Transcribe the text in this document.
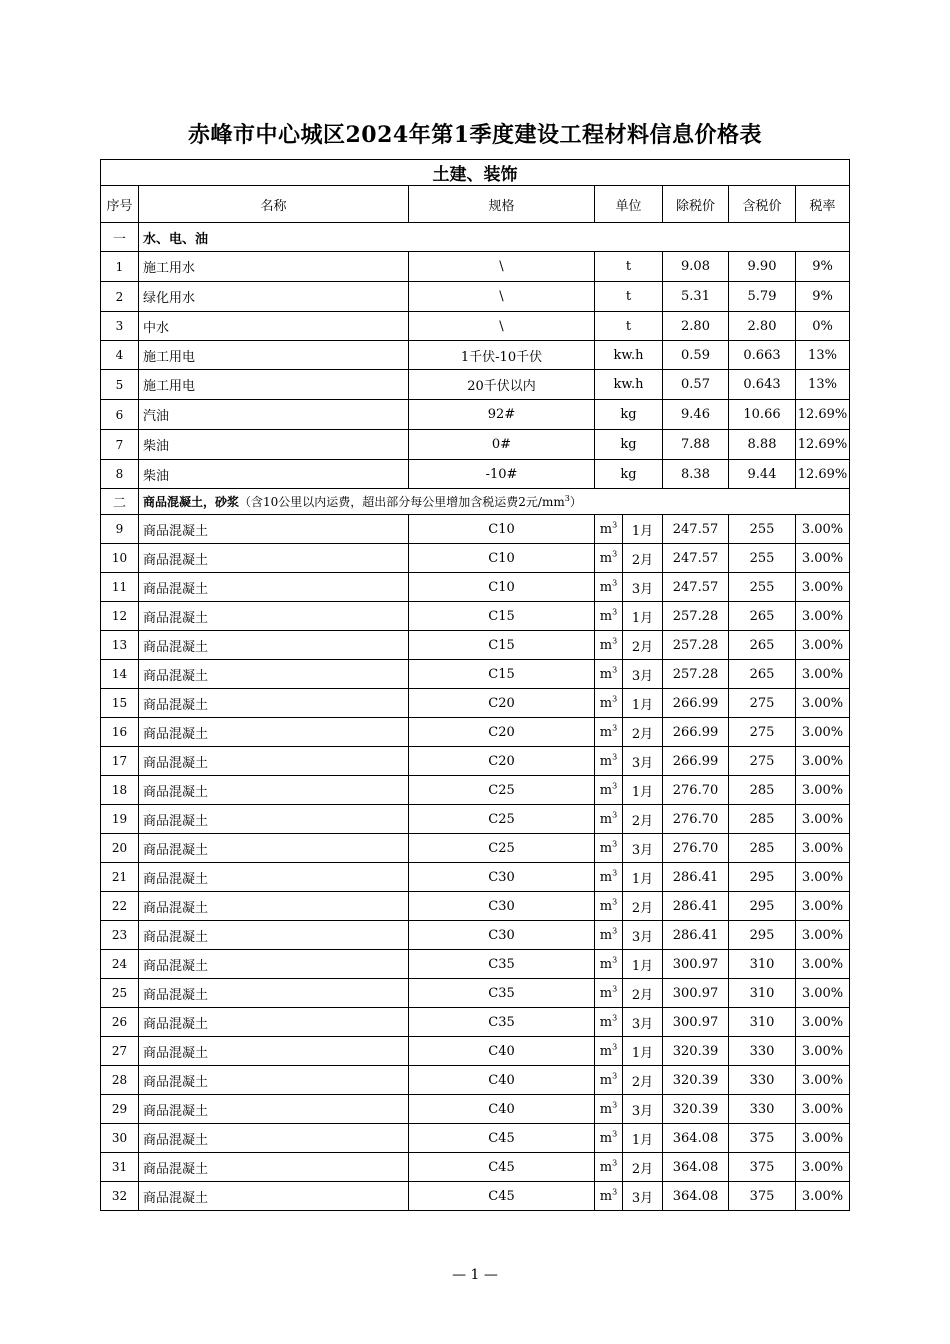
赤峰市中心城区2024年第1季度建设工程材料信息价格表
土建、装饰							
序号	名称	规格	单位		除税价	含税价	税率
一	水、电、油						
1	施工用水	\	t		9.08	9.90	9%
2	绿化用水	\	t		5.31	5.79	9%
3	中水	\	t		2.80	2.80	0%
4	施工用电	1千伏-10千伏	kw.h		0.59	0.663	13%
5	施工用电	20千伏以内	kw.h		0.57	0.643	13%
6	汽油	92#	kg		9.46	10.66	12.69%
7	柴油	0#	kg		7.88	8.88	12.69%
8	柴油	-10#	kg		8.38	9.44	12.69%
二	商品混凝土，砂浆（含10公里以内运费，超出部分每公里增加含税运费2元$/mm^3$）						
9	商品混凝土	C10	$m^3$	1月	247.57	255	3.00%
10	商品混凝土	C10	$m^3$	2月	247.57	255	3.00%
11	商品混凝土	C10	$m^3$	3月	247.57	255	3.00%
12	商品混凝土	C15	$m^3$	1月	257.28	265	3.00%
13	商品混凝土	C15	$m^3$	2月	257.28	265	3.00%
14	商品混凝土	C15	$m^3$	3月	257.28	265	3.00%
15	商品混凝土	C20	$m^3$	1月	266.99	275	3.00%
16	商品混凝土	C20	$m^3$	2月	266.99	275	3.00%
17	商品混凝土	C20	$m^3$	3月	266.99	275	3.00%
18	商品混凝土	C25	$m^3$	1月	276.70	285	3.00%
19	商品混凝土	C25	$m^3$	2月	276.70	285	3.00%
20	商品混凝土	C25	$m^3$	3月	276.70	285	3.00%
21	商品混凝土	C30	$m^3$	1月	286.41	295	3.00%
22	商品混凝土	C30	$m^3$	2月	286.41	295	3.00%
23	商品混凝土	C30	$m^3$	3月	286.41	295	3.00%
24	商品混凝土	C35	$m^3$	1月	300.97	310	3.00%
25	商品混凝土	C35	$m^3$	2月	300.97	310	3.00%
26	商品混凝土	C35	$m^3$	3月	300.97	310	3.00%
27	商品混凝土	C40	$m^3$	1月	320.39	330	3.00%
28	商品混凝土	C40	$m^3$	2月	320.39	330	3.00%
29	商品混凝土	C40	$m^3$	3月	320.39	330	3.00%
30	商品混凝土	C45	$m^3$	1月	364.08	375	3.00%
31	商品混凝土	C45	$m^3$	2月	364.08	375	3.00%
32	商品混凝土	C45	$m^3$	3月	364.08	375	3.00%
— 1 —
